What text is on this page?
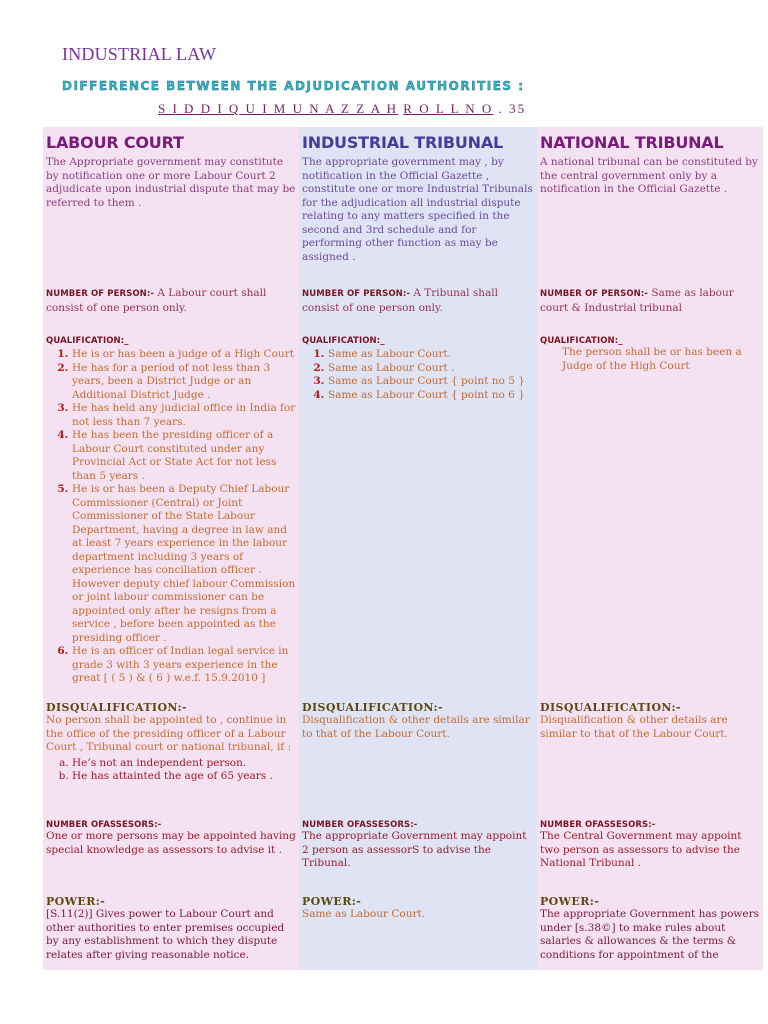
INDUSTRIAL LAW
DIFFERENCE BETWEEN THE ADJUDICATION AUTHORITIES :
S I D D I Q U I M U N A Z Z A H R O L L N O . 35
LABOUR COURT

The Appropriate government may constitute by notification one or more Labour Court 2 adjudicate upon industrial dispute that may be referred to them .

NUMBER OF PERSON:- A Labour court shall consist of one person only.

QUALIFICATION:_
1. He is or has been a judge of a High Court
2. He has for a period of not less than 3 years, been a District Judge or an Additional District Judge .
3. He has held any judicial office in India for not less than 7 years.
4. He has been the presiding officer of a Labour Court constituted under any Provincial Act or State Act for not less than 5 years .
5. He is or has been a Deputy Chief Labour Commissioner (Central) or Joint Commissioner of the State Labour Department, having a degree in law and at least 7 years experience in the labour department including 3 years of experience has conciliation officer . However deputy chief labour Commission or joint labour commissioner can be appointed only after he resigns from a service , before been appointed as the presiding officer .
6. He is an officer of Indian legal service in grade 3 with 3 years experience in the great [ ( 5 ) & ( 6 ) w.e.f. 15.9.2010 ]
DISQUALIFICATION:-

No person shall be appointed to , continue in the office of the presiding officer of a Labour Court , Tribunal court or national tribunal, if :

a. He’s not an independent person.
b. He has attainted the age of 65 years .
NUMBER OFASSESORS:-

One or more persons may be appointed having special knowledge as assessors to advise it .

POWER:-

[S.11(2)] Gives power to Labour Court and other authorities to enter premises occupied by any establishment to which they dispute relates after giving reasonable notice.

INDUSTRIAL TRIBUNAL

The appropriate government may , by notification in the Official Gazette , constitute one or more Industrial Tribunals for the adjudication all industrial dispute relating to any matters specified in the second and 3rd schedule and for performing other function as may be assigned .

NUMBER OF PERSON:- A Tribunal shall consist of one person only.

QUALIFICATION:_
1. Same as Labour Court.
2. Same as Labour Court .
3. Same as Labour Court { point no 5 }
4. Same as Labour Court { point no 6 }
DISQUALIFICATION:-

Disqualification & other details are similar to that of the Labour Court.

NUMBER OFASSESORS:-

The appropriate Government may appoint 2 person as assessorS to advise the Tribunal.

POWER:-

Same as Labour Court.

NATIONAL TRIBUNAL

A national tribunal can be constituted by the central government only by a notification in the Official Gazette .

NUMBER OF PERSON:- Same as labour court & Industrial tribunal

QUALIFICATION:_

The person shall be or has been a Judge of the High Court

DISQUALIFICATION:-

Disqualification & other details are similar to that of the Labour Court.

NUMBER OFASSESORS:-

The Central Government may appoint two person as assessors to advise the National Tribunal .

POWER:-

The appropriate Government has powers under [s.38©] to make rules about salaries & allowances & the terms & conditions for appointment of the
